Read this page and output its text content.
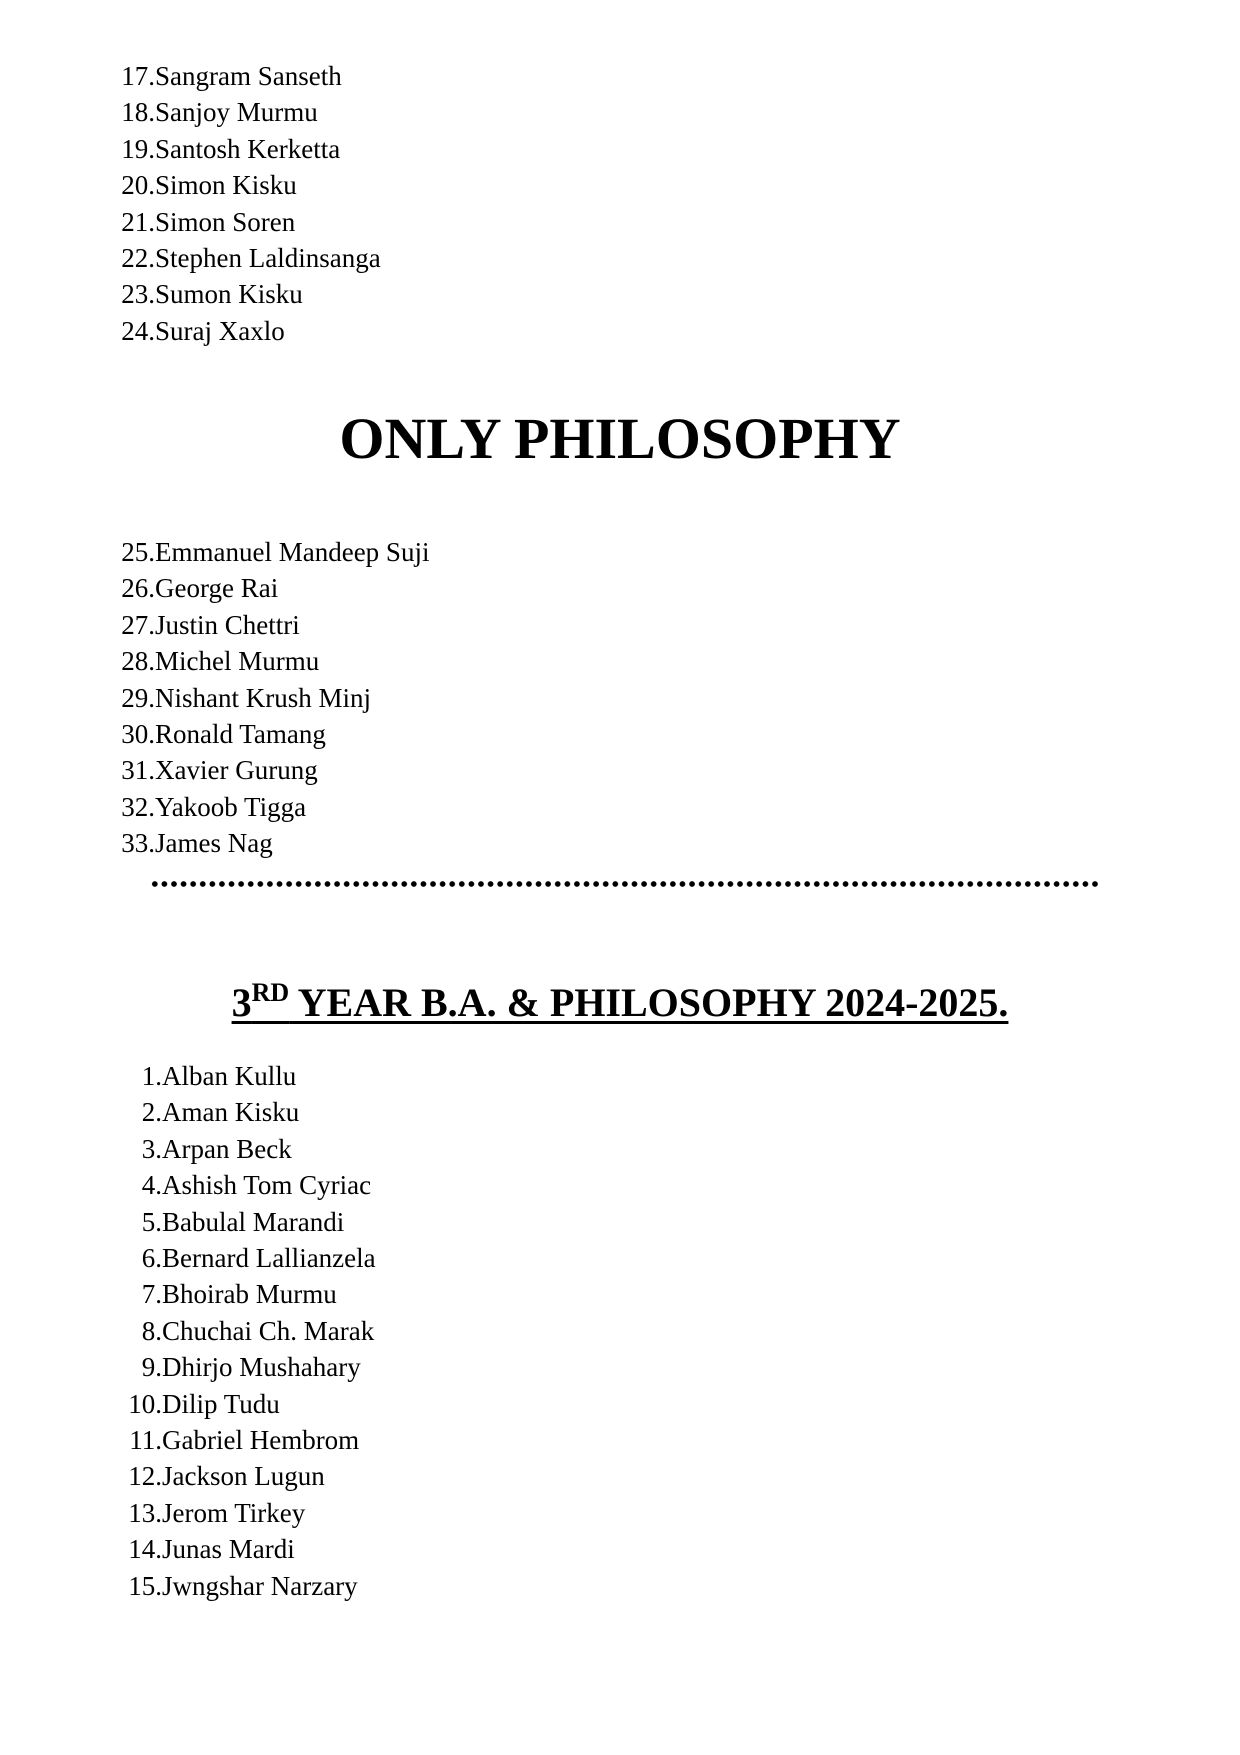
17. Sangram Sanseth
18. Sanjoy Murmu
19. Santosh Kerketta
20. Simon Kisku
21. Simon Soren
22. Stephen Laldinsanga
23. Sumon Kisku
24. Suraj Xaxlo
ONLY PHILOSOPHY
25. Emmanuel Mandeep Suji
26. George Rai
27. Justin Chettri
28. Michel Murmu
29. Nishant Krush Minj
30. Ronald Tamang
31. Xavier Gurung
32. Yakoob Tigga
33. James Nag
3RD YEAR B.A. & PHILOSOPHY 2024-2025.
1. Alban Kullu
2. Aman Kisku
3. Arpan Beck
4. Ashish Tom Cyriac
5. Babulal Marandi
6. Bernard Lallianzela
7. Bhoirab Murmu
8. Chuchai Ch. Marak
9. Dhirjo Mushahary
10. Dilip Tudu
11. Gabriel Hembrom
12. Jackson Lugun
13. Jerom Tirkey
14. Junas Mardi
15. Jwngshar Narzary
